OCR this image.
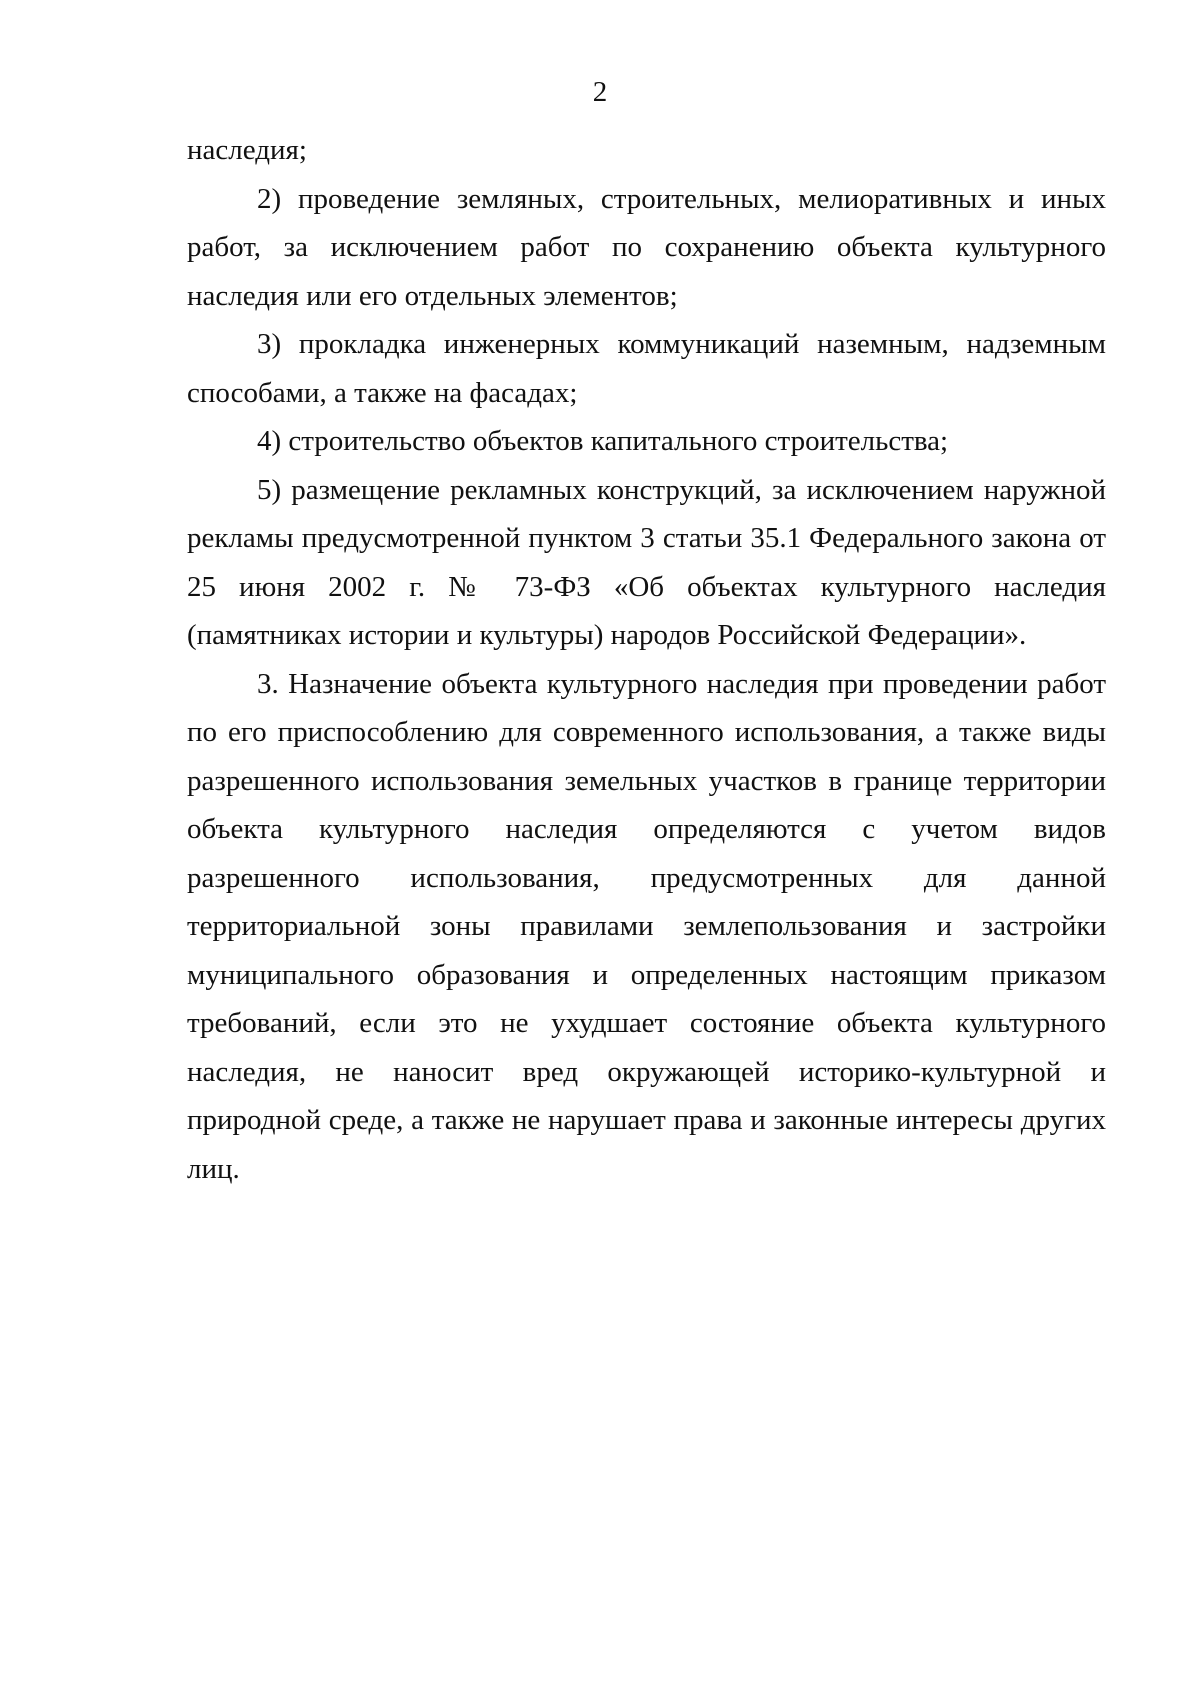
2

наследия;

2) проведение земляных, строительных, мелиоративных и иных работ, за исключением работ по сохранению объекта культурного наследия или его отдельных элементов;

3) прокладка инженерных коммуникаций наземным, надземным способами, а также на фасадах;

4) строительство объектов капитального строительства;

5) размещение рекламных конструкций, за исключением наружной рекламы предусмотренной пунктом 3 статьи 35.1 Федерального закона от 25 июня 2002 г. № 73-ФЗ «Об объектах культурного наследия (памятниках истории и культуры) народов Российской Федерации».

3. Назначение объекта культурного наследия при проведении работ по его приспособлению для современного использования, а также виды разрешенного использования земельных участков в границе территории объекта культурного наследия определяются с учетом видов разрешенного использования, предусмотренных для данной территориальной зоны правилами землепользования и застройки муниципального образования и определенных настоящим приказом требований, если это не ухудшает состояние объекта культурного наследия, не наносит вред окружающей историко-культурной и природной среде, а также не нарушает права и законные интересы других лиц.
